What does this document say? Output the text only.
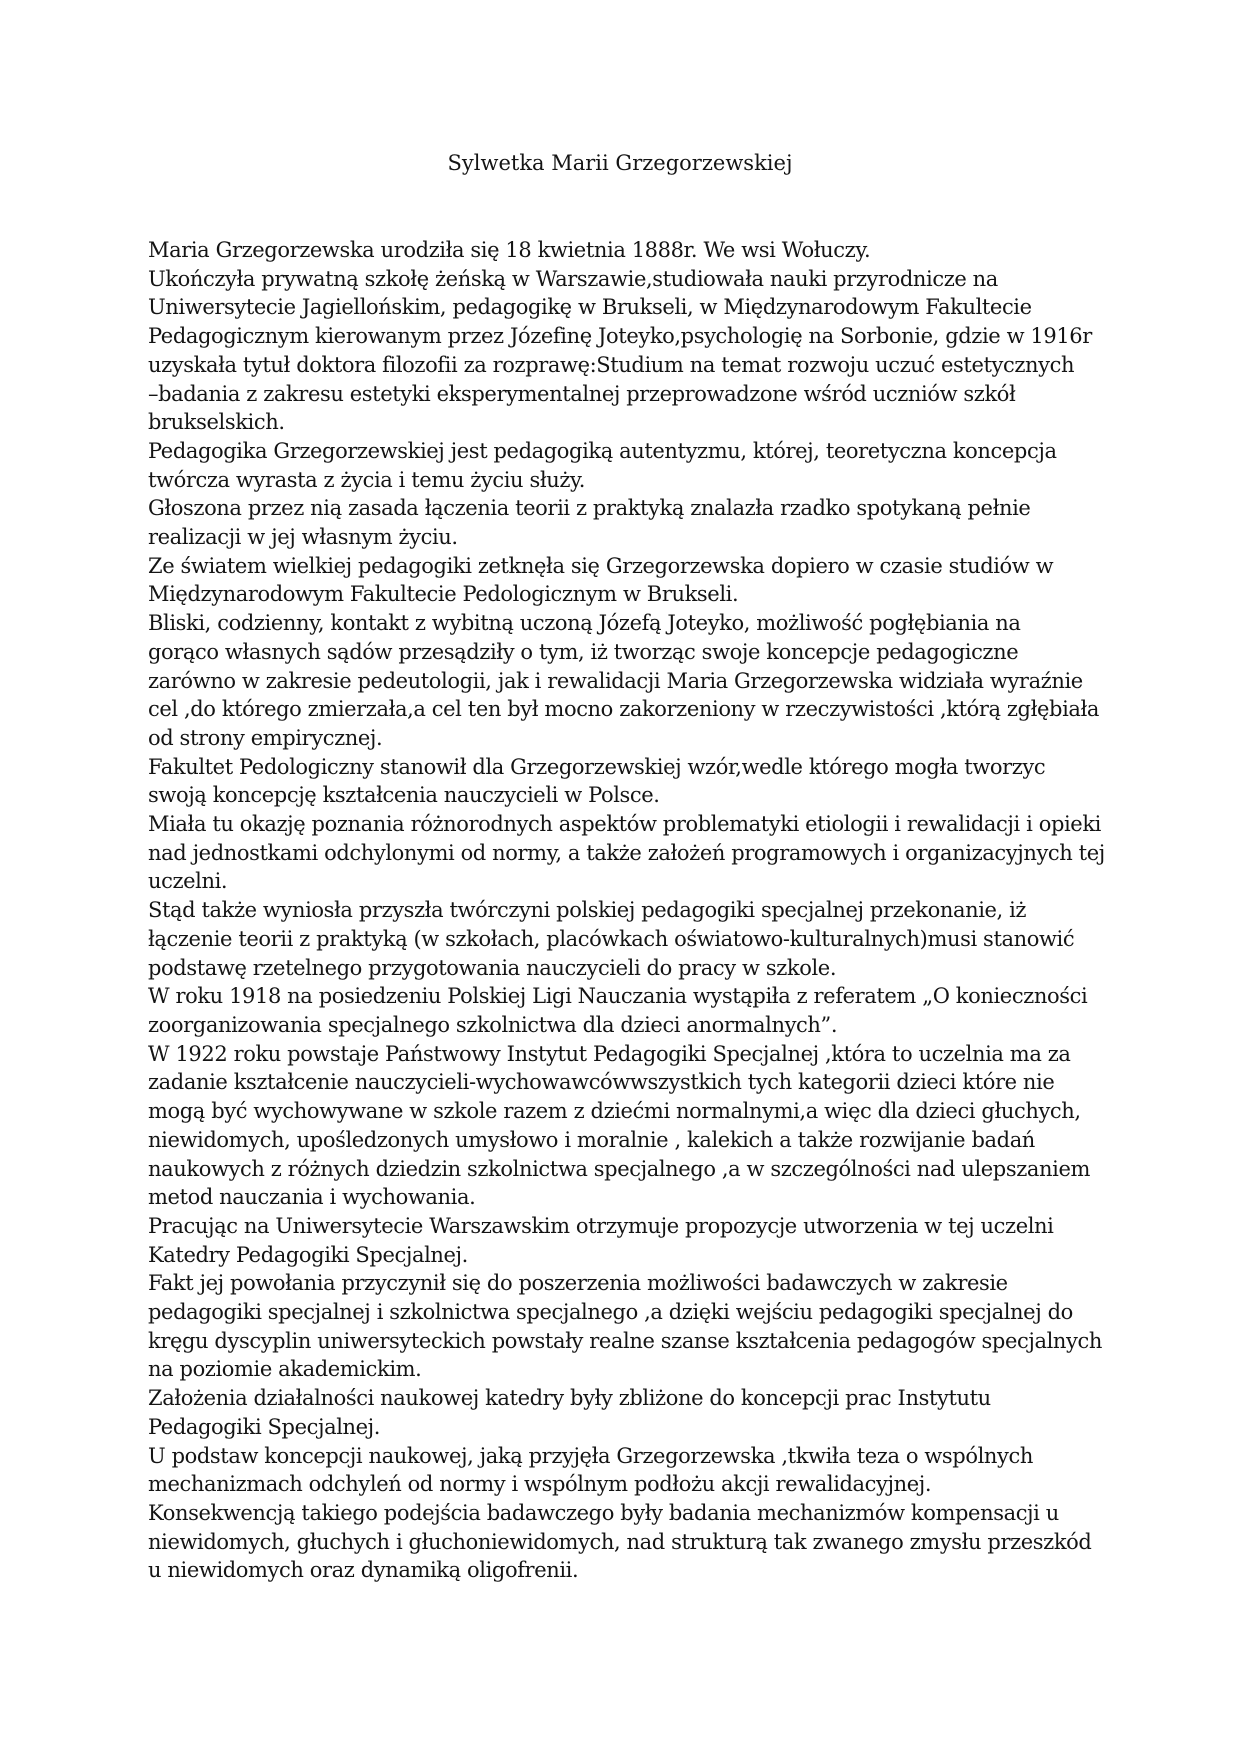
Sylwetka Marii Grzegorzewskiej
Maria Grzegorzewska urodziła się 18 kwietnia 1888r. We wsi Wołuczy.
Ukończyła prywatną szkołę żeńską w Warszawie,studiowała nauki przyrodnicze na
Uniwersytecie Jagiellońskim, pedagogikę w Brukseli, w Międzynarodowym Fakultecie
Pedagogicznym kierowanym przez Józefinę Joteyko,psychologię na Sorbonie, gdzie w 1916r
uzyskała tytuł doktora filozofii za rozprawę:Studium na temat rozwoju uczuć estetycznych
–badania z zakresu estetyki eksperymentalnej przeprowadzone wśród uczniów szkół
brukselskich.
Pedagogika Grzegorzewskiej jest pedagogiką autentyzmu, której, teoretyczna koncepcja
twórcza wyrasta z życia i temu życiu służy.
Głoszona przez nią zasada łączenia teorii z praktyką znalazła rzadko spotykaną pełnie
realizacji w jej własnym życiu.
Ze światem wielkiej pedagogiki zetknęła się Grzegorzewska dopiero w czasie studiów w
Międzynarodowym Fakultecie Pedologicznym w Brukseli.
Bliski, codzienny, kontakt z wybitną uczoną Józefą Joteyko, możliwość pogłębiania na
gorąco własnych sądów przesądziły o tym, iż tworząc swoje koncepcje pedagogiczne
zarówno w zakresie pedeutologii, jak i rewalidacji Maria Grzegorzewska widziała wyraźnie
cel ,do którego zmierzała,a cel ten był mocno zakorzeniony w rzeczywistości ,którą zgłębiała
od strony empirycznej.
Fakultet Pedologiczny stanowił dla Grzegorzewskiej wzór,wedle którego mogła tworzyc
swoją koncepcję kształcenia nauczycieli w Polsce.
Miała tu okazję poznania różnorodnych aspektów problematyki etiologii i rewalidacji i opieki
nad jednostkami odchylonymi od normy, a także założeń programowych i organizacyjnych tej
uczelni.
Stąd także wyniosła przyszła twórczyni polskiej pedagogiki specjalnej przekonanie, iż
łączenie teorii z praktyką (w szkołach, placówkach oświatowo-kulturalnych)musi stanowić
podstawę rzetelnego przygotowania nauczycieli do pracy w szkole.
W roku 1918 na posiedzeniu Polskiej Ligi Nauczania wystąpiła z referatem „O konieczności
zoorganizowania specjalnego szkolnictwa dla dzieci anormalnych”.
W 1922 roku powstaje Państwowy Instytut Pedagogiki Specjalnej ,która to uczelnia ma za
zadanie kształcenie nauczycieli-wychowawcówwszystkich tych kategorii dzieci które nie
mogą być wychowywane w szkole razem z dziećmi normalnymi,a więc dla dzieci głuchych,
niewidomych, upośledzonych umysłowo i moralnie , kalekich a także rozwijanie badań
naukowych z różnych dziedzin szkolnictwa specjalnego ,a w szczególności nad ulepszaniem
metod nauczania i wychowania.
Pracując na Uniwersytecie Warszawskim otrzymuje propozycje utworzenia w tej uczelni
Katedry Pedagogiki Specjalnej.
Fakt jej powołania przyczynił się do poszerzenia możliwości badawczych w zakresie
pedagogiki specjalnej i szkolnictwa specjalnego ,a dzięki wejściu pedagogiki specjalnej do
kręgu dyscyplin uniwersyteckich powstały realne szanse kształcenia pedagogów specjalnych
na poziomie akademickim.
Założenia działalności naukowej katedry były zbliżone do koncepcji prac Instytutu
Pedagogiki Specjalnej.
U podstaw koncepcji naukowej, jaką przyjęła Grzegorzewska ,tkwiła teza o wspólnych
mechanizmach odchyleń od normy i wspólnym podłożu akcji rewalidacyjnej.
Konsekwencją takiego podejścia badawczego były badania mechanizmów kompensacji u
niewidomych, głuchych i głuchoniewidomych, nad strukturą tak zwanego zmysłu przeszkód
u niewidomych oraz dynamiką oligofrenii.
